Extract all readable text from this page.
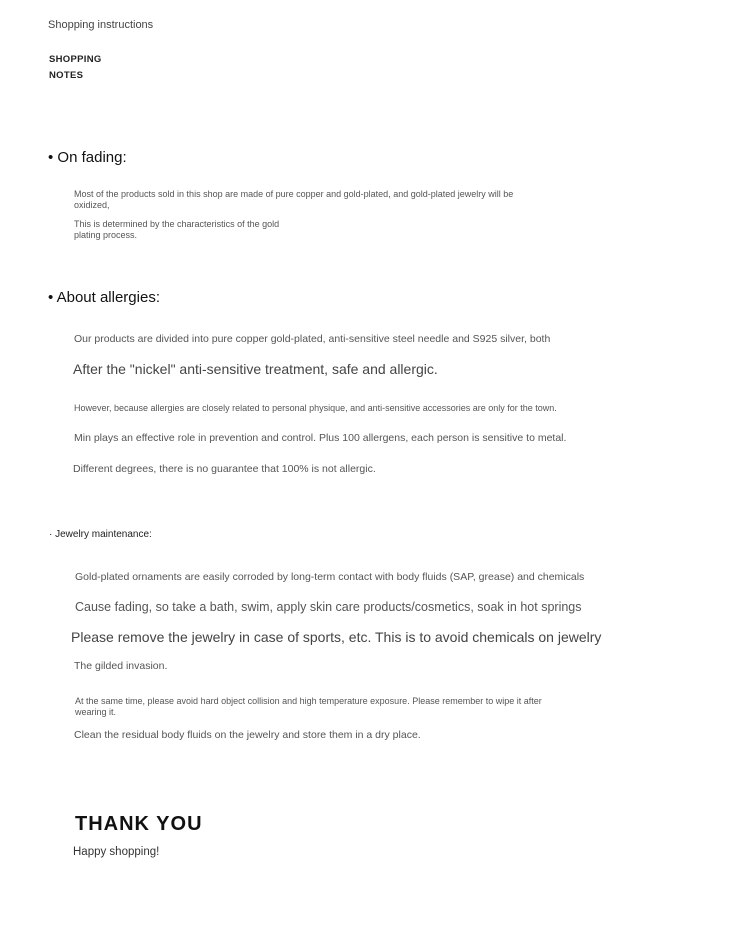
Shopping instructions
SHOPPING
NOTES
• On fading:
Most of the products sold in this shop are made of pure copper and gold-plated, and gold-plated jewelry will be
oxidized,
This is determined by the characteristics of the gold
plating process.
• About allergies:
Our products are divided into pure copper gold-plated, anti-sensitive steel needle and S925 silver, both
After the "nickel" anti-sensitive treatment, safe and allergic.
However, because allergies are closely related to personal physique, and anti-sensitive accessories are only for the town.
Min plays an effective role in prevention and control. Plus 100 allergens, each person is sensitive to metal.
Different degrees, there is no guarantee that 100% is not allergic.
· Jewelry maintenance:
Gold-plated ornaments are easily corroded by long-term contact with body fluids (SAP, grease) and chemicals
Cause fading, so take a bath, swim, apply skin care products/cosmetics, soak in hot springs
Please remove the jewelry in case of sports, etc. This is to avoid chemicals on jewelry
The gilded invasion.
At the same time, please avoid hard object collision and high temperature exposure. Please remember to wipe it after
wearing it.
Clean the residual body fluids on the jewelry and store them in a dry place.
THANK YOU
Happy shopping!
